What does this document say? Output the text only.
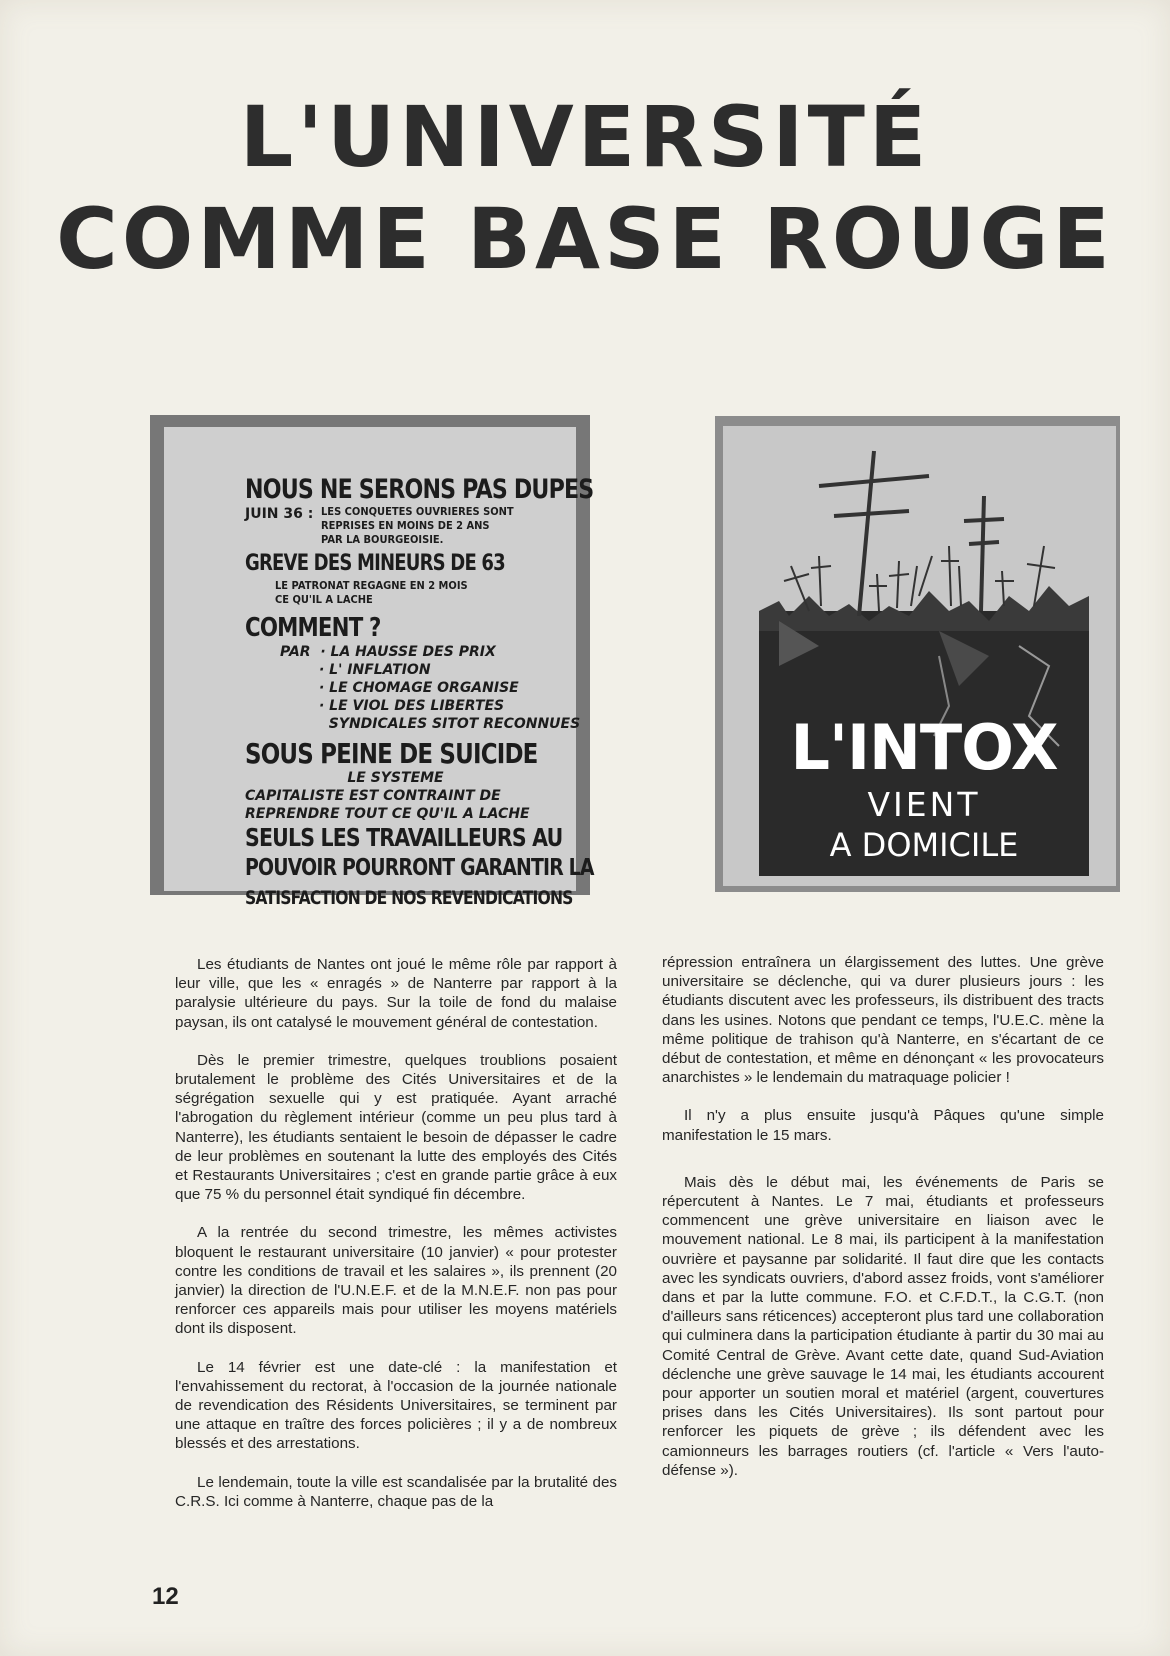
L'UNIVERSITÉ
COMME BASE ROUGE
NOUS NE SERONS PAS DUPES
JUIN 36 : LES CONQUETES OUVRIERES SONT
REPRISES EN MOINS DE 2 ANS
PAR LA BOURGEOISIE.
GREVE DES MINEURS DE 63
LE PATRONAT REGAGNE EN 2 MOIS
CE QU'IL A LACHE
COMMENT ?
PAR  · LA HAUSSE DES PRIX
· L' INFLATION
· LE CHOMAGE ORGANISE
· LE VIOL DES LIBERTES
SYNDICALES SITOT RECONNUES
SOUS PEINE DE SUICIDE
LE SYSTEME
CAPITALISTE EST CONTRAINT DE
REPRENDRE TOUT CE QU'IL A LACHE
SEULS LES TRAVAILLEURS AU
POUVOIR POURRONT GARANTIR LA
SATISFACTION DE NOS REVENDICATIONS
L'INTOX
VIENT
A DOMICILE

Les étudiants de Nantes ont joué le même rôle par rapport à leur ville, que les « enragés » de Nanterre par rapport à la paralysie ultérieure du pays. Sur la toile de fond du malaise paysan, ils ont catalysé le mouvement général de contestation.

Dès le premier trimestre, quelques troublions posaient brutalement le problème des Cités Universitaires et de la ségrégation sexuelle qui y est pratiquée. Ayant arraché l'abrogation du règlement intérieur (comme un peu plus tard à Nanterre), les étudiants sentaient le besoin de dépasser le cadre de leur problèmes en soutenant la lutte des employés des Cités et Restaurants Universitaires ; c'est en grande partie grâce à eux que 75 % du personnel était syndiqué fin décembre.

A la rentrée du second trimestre, les mêmes activistes bloquent le restaurant universitaire (10 janvier) « pour protester contre les conditions de travail et les salaires », ils prennent (20 janvier) la direction de l'U.N.E.F. et de la M.N.E.F. non pas pour renforcer ces appareils mais pour utiliser les moyens matériels dont ils disposent.

Le 14 février est une date-clé : la manifestation et l'envahissement du rectorat, à l'occasion de la journée nationale de revendication des Résidents Universitaires, se terminent par une attaque en traître des forces policières ; il y a de nombreux blessés et des arrestations.

Le lendemain, toute la ville est scandalisée par la brutalité des C.R.S. Ici comme à Nanterre, chaque pas de la

répression entraînera un élargissement des luttes. Une grève universitaire se déclenche, qui va durer plusieurs jours : les étudiants discutent avec les professeurs, ils distribuent des tracts dans les usines. Notons que pendant ce temps, l'U.E.C. mène la même politique de trahison qu'à Nanterre, en s'écartant de ce début de contestation, et même en dénonçant « les provocateurs anarchistes » le lendemain du matraquage policier !

Il n'y a plus ensuite jusqu'à Pâques qu'une simple manifestation le 15 mars.

Mais dès le début mai, les événements de Paris se répercutent à Nantes. Le 7 mai, étudiants et professeurs commencent une grève universitaire en liaison avec le mouvement national. Le 8 mai, ils participent à la manifestation ouvrière et paysanne par solidarité. Il faut dire que les contacts avec les syndicats ouvriers, d'abord assez froids, vont s'améliorer dans et par la lutte commune. F.O. et C.F.D.T., la C.G.T. (non d'ailleurs sans réticences) accepteront plus tard une collaboration qui culminera dans la participation étudiante à partir du 30 mai au Comité Central de Grève. Avant cette date, quand Sud-Aviation déclenche une grève sauvage le 14 mai, les étudiants accourent pour apporter un soutien moral et matériel (argent, couvertures prises dans les Cités Universitaires). Ils sont partout pour renforcer les piquets de grève ; ils défendent avec les camionneurs les barrages routiers (cf. l'article « Vers l'auto-défense »).

12
